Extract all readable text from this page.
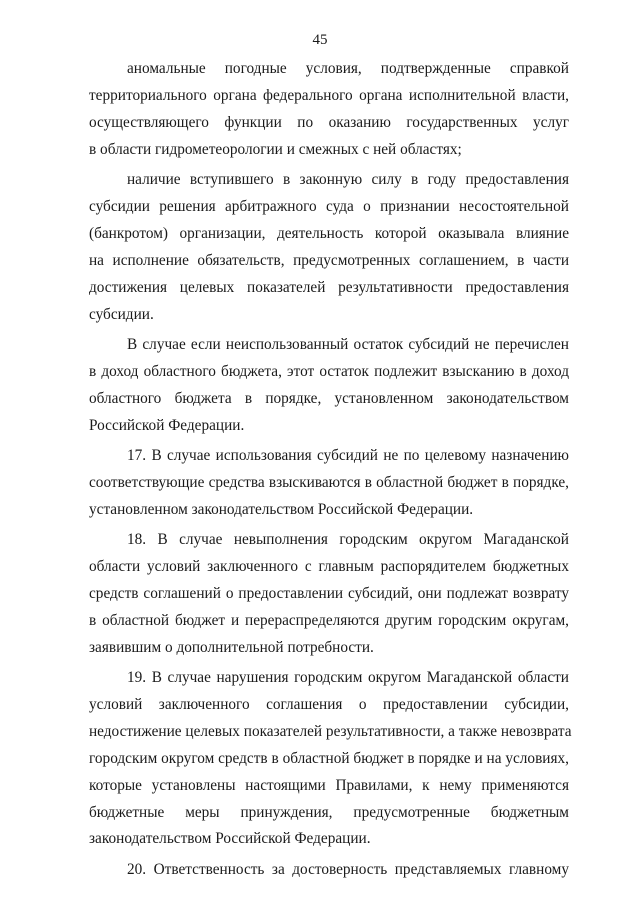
45
аномальные погодные условия, подтвержденные справкой
территориального органа федерального органа исполнительной власти,
осуществляющего функции по оказанию государственных услуг
в области гидрометеорологии и смежных с ней областях;
наличие вступившего в законную силу в году предоставления
субсидии решения арбитражного суда о признании несостоятельной
(банкротом) организации, деятельность которой оказывала влияние
на исполнение обязательств, предусмотренных соглашением, в части
достижения целевых показателей результативности предоставления
субсидии.
В случае если неиспользованный остаток субсидий не перечислен
в доход областного бюджета, этот остаток подлежит взысканию в доход
областного бюджета в порядке, установленном законодательством
Российской Федерации.
17. В случае использования субсидий не по целевому назначению
соответствующие средства взыскиваются в областной бюджет в порядке,
установленном законодательством Российской Федерации.
18. В случае невыполнения городским округом Магаданской
области условий заключенного с главным распорядителем бюджетных
средств соглашений о предоставлении субсидий, они подлежат возврату
в областной бюджет и перераспределяются другим городским округам,
заявившим о дополнительной потребности.
19. В случае нарушения городским округом Магаданской области
условий заключенного соглашения о предоставлении субсидии,
недостижение целевых показателей результативности, а также невозврата
городским округом средств в областной бюджет в порядке и на условиях,
которые установлены настоящими Правилами, к нему применяются
бюджетные меры принуждения, предусмотренные бюджетным
законодательством Российской Федерации.
20. Ответственность за достоверность представляемых главному
